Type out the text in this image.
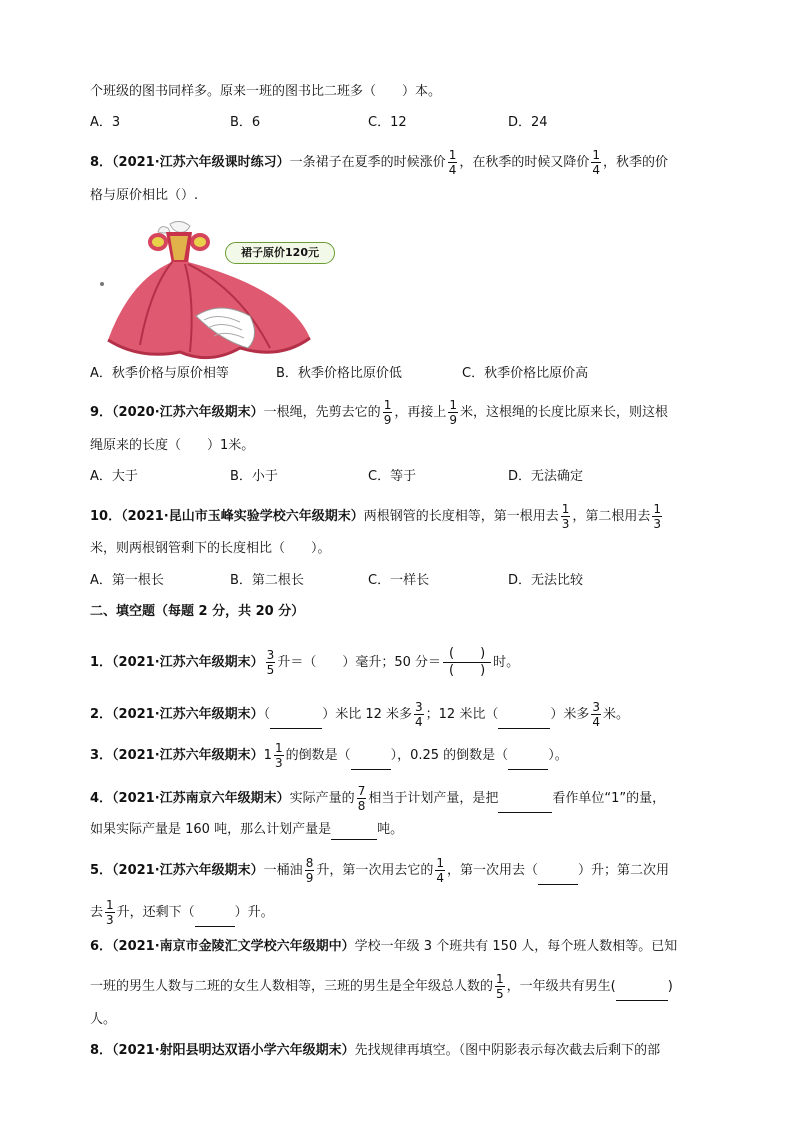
个班级的图书同样多。原来一班的图书比二班多（　　）本。
A．3	B．6	C．12	D．24
8．（2021·江苏六年级课时练习）一条裙子在夏季的时候涨价 $\frac{1}{4}$ ，在秋季的时候又降价 $\frac{1}{4}$ ，秋季的价
格与原价相比（）.
裙子原价120元
A．秋季价格与原价相等	B．秋季价格比原价低	C．秋季价格比原价高
9．（2020·江苏六年级期末）一根绳，先剪去它的 $\frac{1}{9}$ ，再接上 $\frac{1}{9}$ 米，这根绳的长度比原来长，则这根
绳原来的长度（　　）1米。
A．大于	B．小于	C．等于	D．无法确定
10．（2021·昆山市玉峰实验学校六年级期末）两根钢管的长度相等，第一根用去 $\frac{1}{3}$ ，第二根用去 $\frac{1}{3}$
米，则两根钢管剩下的长度相比（　　）。
A．第一根长	B．第二根长	C．一样长	D．无法比较
二、填空题（每题 2 分，共 20 分）
1．（2021·江苏六年级期末） $\frac{3}{5}$ 升＝（　　）毫升；50 分＝ $\frac{( )}{( )}$ 时。
2．（2021·江苏六年级期末）（	）米比 12 米多 $\frac{3}{4}$ ；12 米比（	）米多 $\frac{3}{4}$ 米。
3．（2021·江苏六年级期末） $1 \frac{1}{3}$ 的倒数是（	），0.25 的倒数是（	）。
4．（2021·江苏南京六年级期末）实际产量的 $\frac{7}{8}$ 相当于计划产量，是把	看作单位“1”的量，
如果实际产量是 160 吨，那么计划产量是	吨。
5．（2021·江苏六年级期末）一桶油 $\frac{8}{9}$ 升，第一次用去它的 $\frac{1}{4}$ ，第一次用去（	）升；第二次用
去 $\frac{1}{3}$ 升，还剩下（	）升。
6．（2021·南京市金陵汇文学校六年级期中）学校一年级 3 个班共有 150 人，每个班人数相等。已知
一班的男生人数与二班的女生人数相等，三班的男生是全年级总人数的 $\frac{1}{5}$ ，一年级共有男生(	)
人。
8．（2021·射阳县明达双语小学六年级期末）先找规律再填空。（图中阴影表示每次截去后剩下的部
